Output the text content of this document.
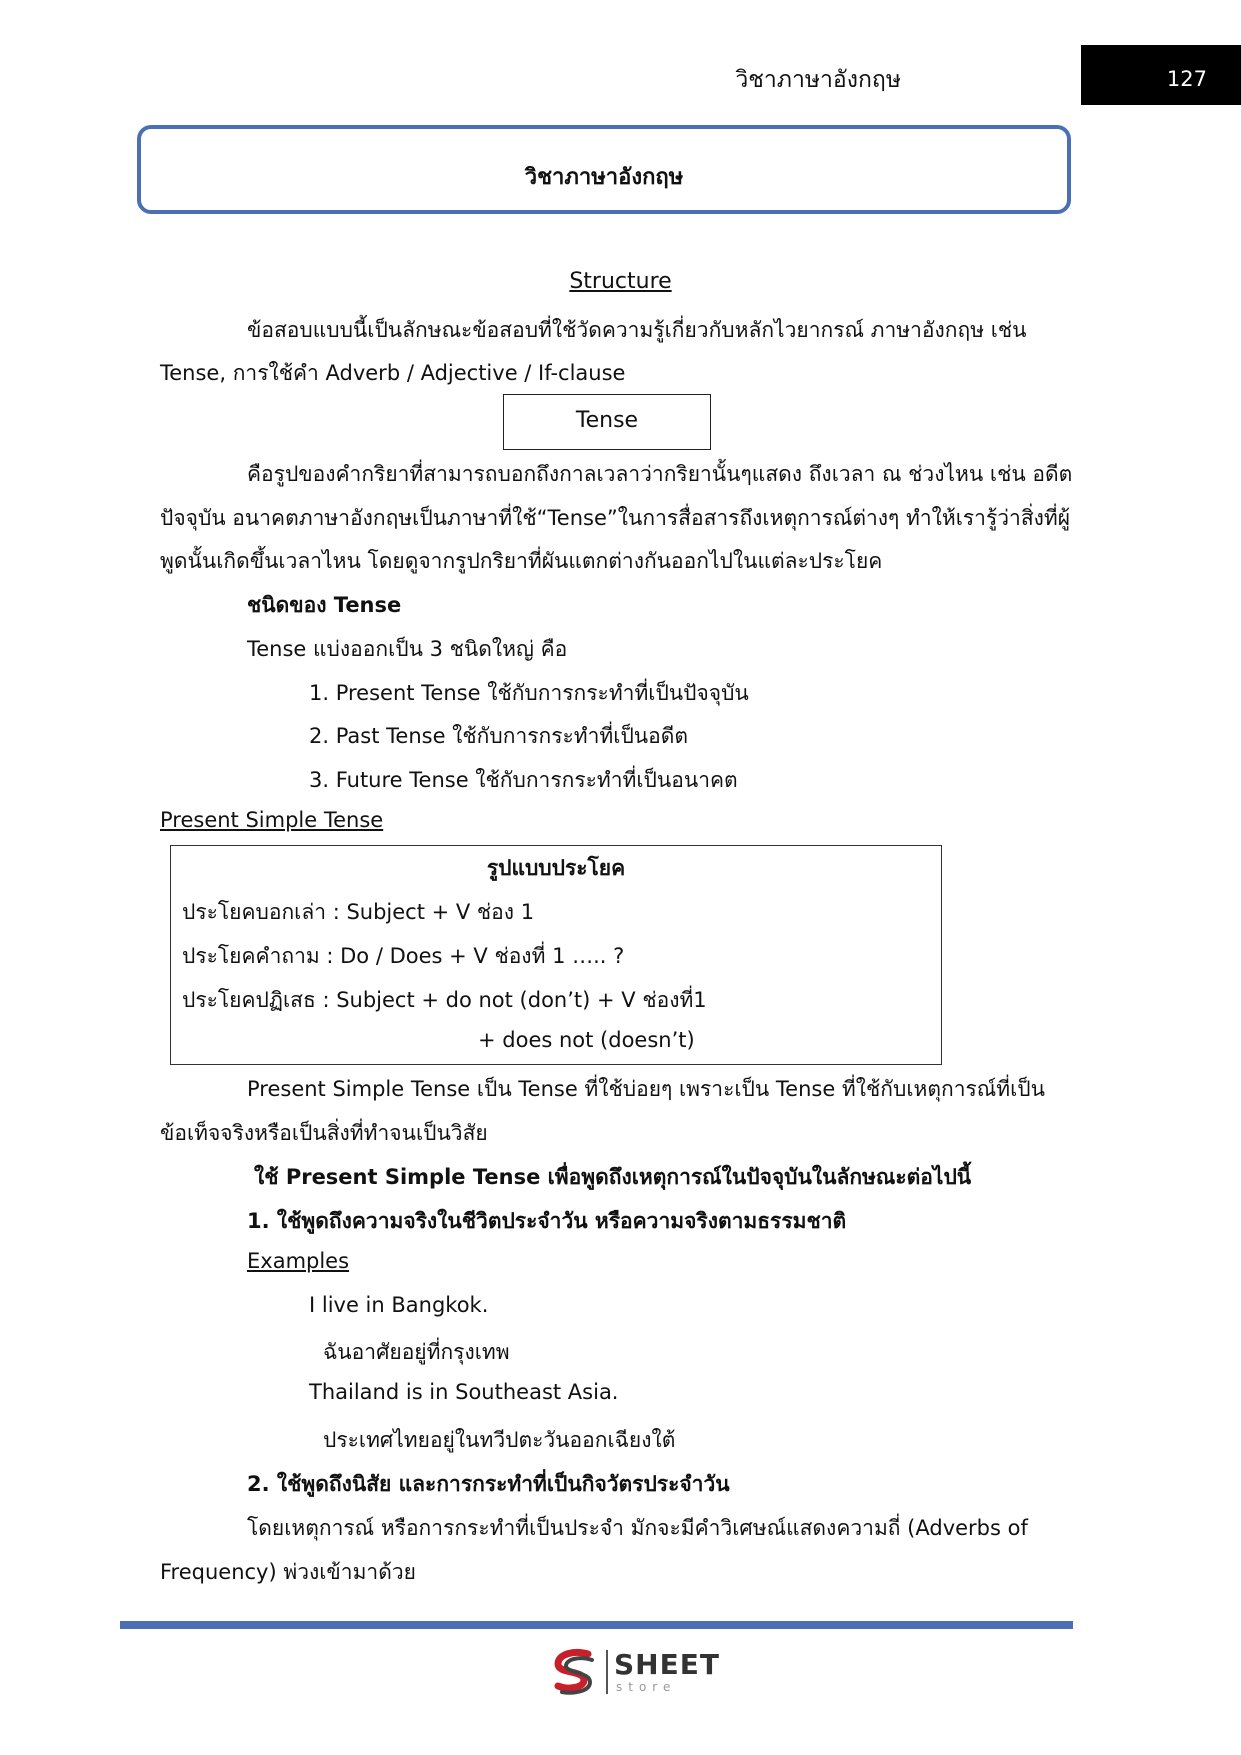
วิชาภาษาอังกฤษ	127
วิชาภาษาอังกฤษ
Structure
ข้อสอบแบบนี้เป็นลักษณะข้อสอบที่ใช้วัดความรู้เกี่ยวกับหลักไวยากรณ์ ภาษาอังกฤษ เช่น
Tense, การใช้คำ Adverb / Adjective / If-clause
Tense
คือรูปของคำกริยาที่สามารถบอกถึงกาลเวลาว่ากริยานั้นๆแสดง ถึงเวลา ณ ช่วงไหน เช่น อดีต
ปัจจุบัน อนาคตภาษาอังกฤษเป็นภาษาที่ใช้“Tense”ในการสื่อสารถึงเหตุการณ์ต่างๆ ทำให้เรารู้ว่าสิ่งที่ผู้
พูดนั้นเกิดขึ้นเวลาไหน โดยดูจากรูปกริยาที่ผันแตกต่างกันออกไปในแต่ละประโยค
ชนิดของ Tense
Tense แบ่งออกเป็น 3 ชนิดใหญ่ คือ
1. Present Tense ใช้กับการกระทำที่เป็นปัจจุบัน
2. Past Tense ใช้กับการกระทำที่เป็นอดีต
3. Future Tense ใช้กับการกระทำที่เป็นอนาคต
Present Simple Tense
รูปแบบประโยค
ประโยคบอกเล่า : Subject + V ช่อง 1
ประโยคคำถาม : Do / Does + V ช่องที่ 1 ….. ?
ประโยคปฏิเสธ : Subject + do not (don’t) + V ช่องที่1
+ does not (doesn’t)
Present Simple Tense เป็น Tense ที่ใช้บ่อยๆ เพราะเป็น Tense ที่ใช้กับเหตุการณ์ที่เป็น
ข้อเท็จจริงหรือเป็นสิ่งที่ทำจนเป็นวิสัย
ใช้ Present Simple Tense เพื่อพูดถึงเหตุการณ์ในปัจจุบันในลักษณะต่อไปนี้
1. ใช้พูดถึงความจริงในชีวิตประจำวัน หรือความจริงตามธรรมชาติ
Examples
I live in Bangkok.
ฉันอาศัยอยู่ที่กรุงเทพ
Thailand is in Southeast Asia.
ประเทศไทยอยู่ในทวีปตะวันออกเฉียงใต้
2. ใช้พูดถึงนิสัย และการกระทำที่เป็นกิจวัตรประจำวัน
โดยเหตุการณ์ หรือการกระทำที่เป็นประจำ มักจะมีคำวิเศษณ์แสดงความถี่ (Adverbs of
Frequency) พ่วงเข้ามาด้วย
SHEET
store
